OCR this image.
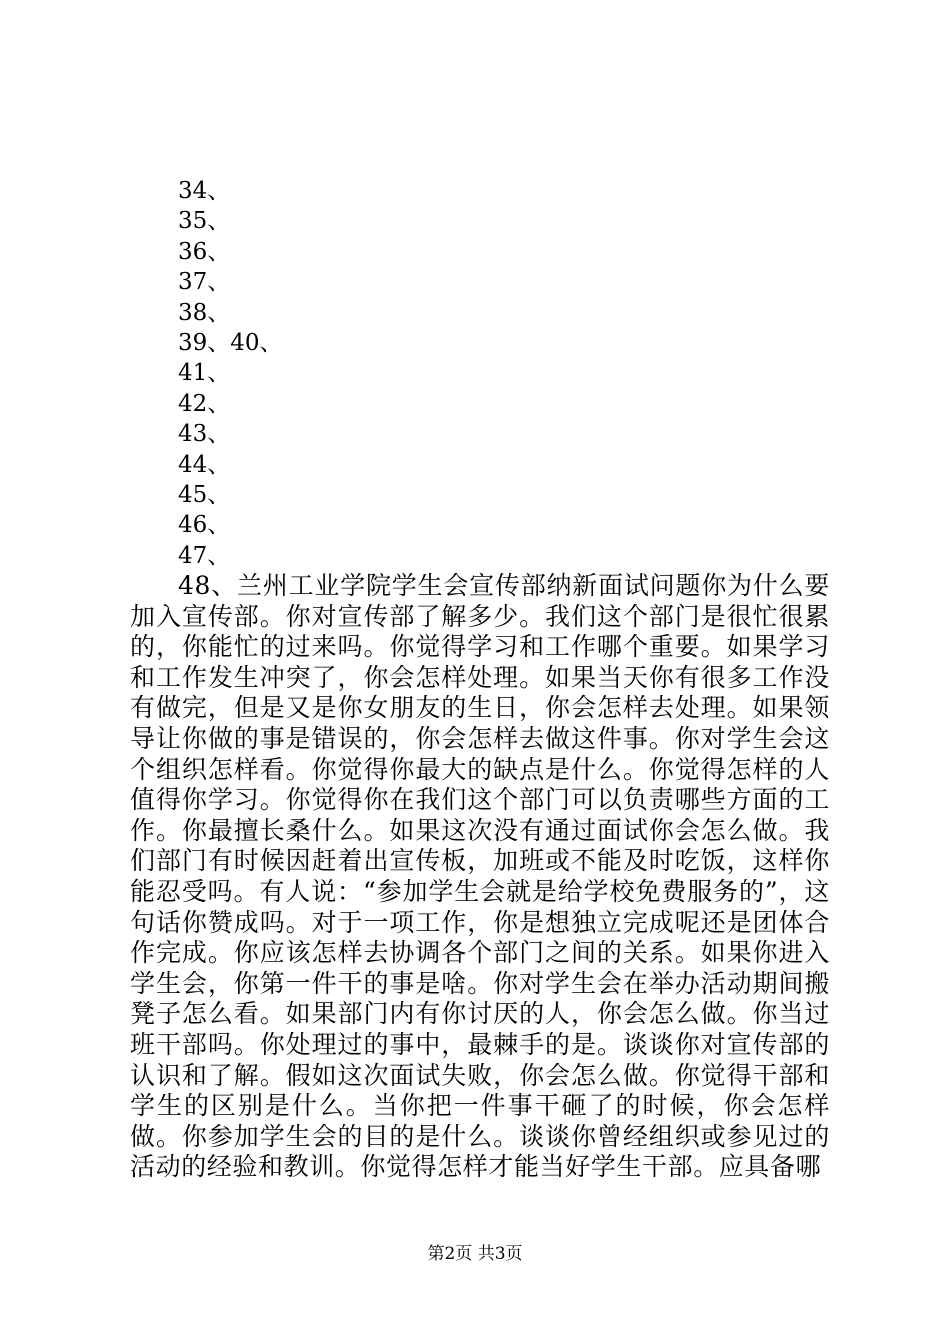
34、
35、
36、
37、
38、
39、40、
41、
42、
43、
44、
45、
46、
47、

48、兰州工业学院学生会宣传部纳新面试问题你为什么要加入宣传部。你对宣传部了解多少。我们这个部门是很忙很累的，你能忙的过来吗。你觉得学习和工作哪个重要。如果学习和工作发生冲突了，你会怎样处理。如果当天你有很多工作没有做完，但是又是你女朋友的生日，你会怎样去处理。如果领导让你做的事是错误的，你会怎样去做这件事。你对学生会这个组织怎样看。你觉得你最大的缺点是什么。你觉得怎样的人值得你学习。你觉得你在我们这个部门可以负责哪些方面的工作。你最擅长桑什么。如果这次没有通过面试你会怎么做。我们部门有时候因赶着出宣传板，加班或不能及时吃饭，这样你能忍受吗。有人说：“参加学生会就是给学校免费服务的”，这句话你赞成吗。对于一项工作，你是想独立完成呢还是团体合作完成。你应该怎样去协调各个部门之间的关系。如果你进入学生会，你第一件干的事是啥。你对学生会在举办活动期间搬凳子怎么看。如果部门内有你讨厌的人，你会怎么做。你当过班干部吗。你处理过的事中，最棘手的是。谈谈你对宣传部的认识和了解。假如这次面试失败，你会怎么做。你觉得干部和学生的区别是什么。当你把一件事干砸了的时候，你会怎样做。你参加学生会的目的是什么。谈谈你曾经组织或参见过的活动的经验和教训。你觉得怎样才能当好学生干部。应具备哪

第2页 共3页
